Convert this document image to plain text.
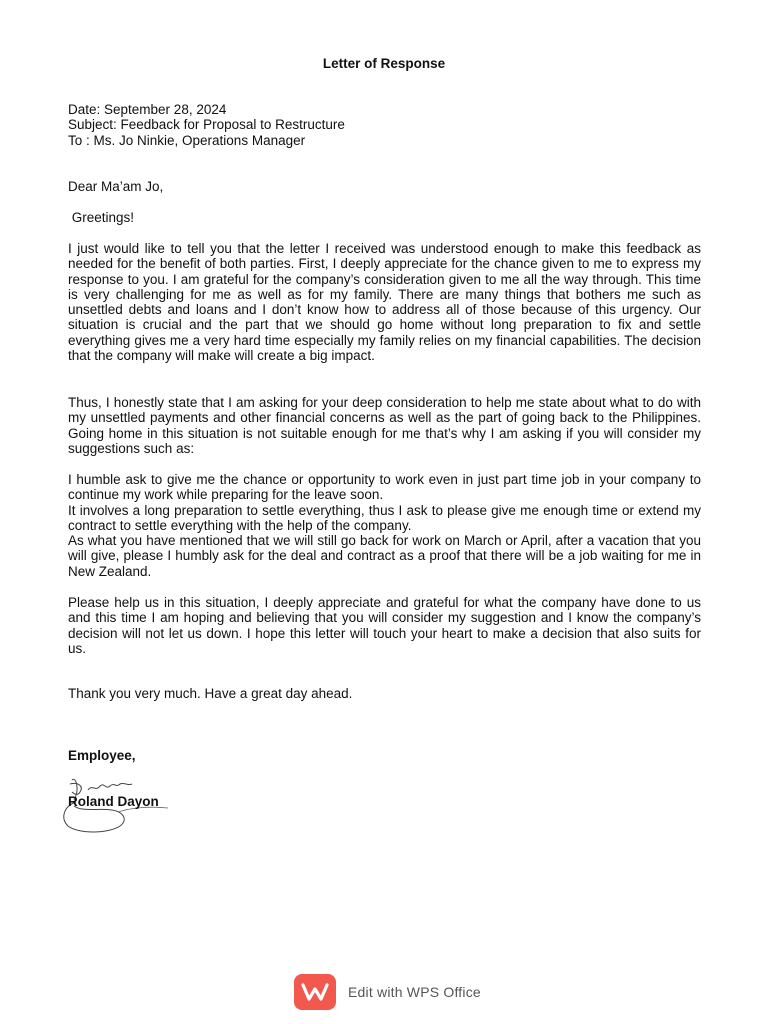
Letter of Response
Date: September 28, 2024
Subject: Feedback for Proposal to Restructure
To : Ms. Jo Ninkie, Operations Manager
Dear Ma’am Jo,
Greetings!
I just would like to tell you that the letter I received was understood enough to make this feedback as needed for the benefit of both parties. First, I deeply appreciate for the chance given to me to express my response to you. I am grateful for the company’s consideration given to me all the way through. This time is very challenging for me as well as for my family. There are many things that bothers me such as unsettled debts and loans and I don’t know how to address all of those because of this urgency. Our situation is crucial and the part that we should go home without long preparation to fix and settle everything gives me a very hard time especially my family relies on my financial capabilities. The decision that the company will make will create a big impact.
Thus, I honestly state that I am asking for your deep consideration to help me state about what to do with my unsettled payments and other financial concerns as well as the part of going back to the Philippines. Going home in this situation is not suitable enough for me that’s why I am asking if you will consider my suggestions such as:
I humble ask to give me the chance or opportunity to work even in just part time job in your company to continue my work while preparing for the leave soon.
It involves a long preparation to settle everything, thus I ask to please give me enough time or extend my contract to settle everything with the help of the company.
As what you have mentioned that we will still go back for work on March or April, after a vacation that you will give, please I humbly ask for the deal and contract as a proof that there will be a job waiting for me in New Zealand.
Please help us in this situation, I deeply appreciate and grateful for what the company have done to us and this time I am hoping and believing that you will consider my suggestion and I know the company’s decision will not let us down. I hope this letter will touch your heart to make a decision that also suits for us.
Thank you very much. Have a great day ahead.
Employee,
Roland Dayon
Edit with WPS Office
